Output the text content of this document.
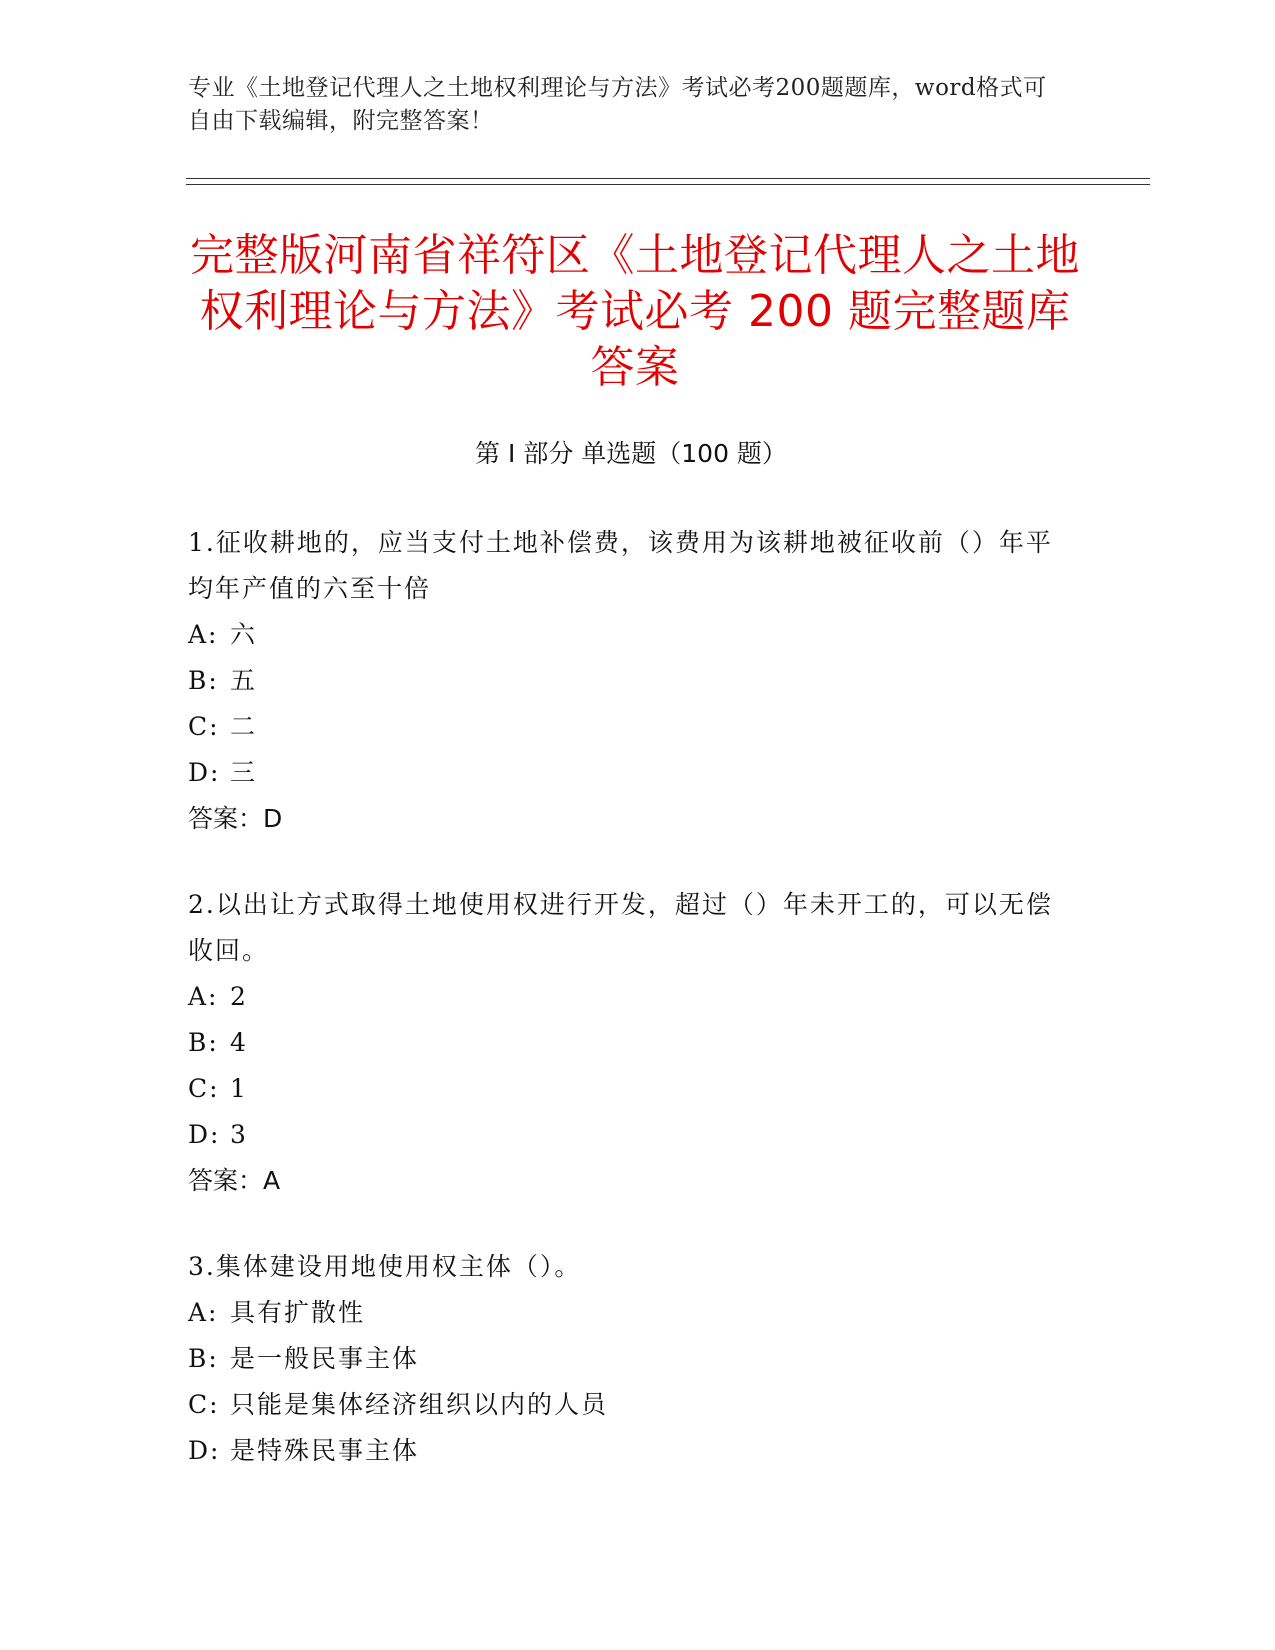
专业《土地登记代理人之土地权利理论与方法》考试必考200题题库，word格式可自由下载编辑，附完整答案！
完整版河南省祥符区《土地登记代理人之土地权利理论与方法》考试必考 200 题完整题库答案
第 I 部分 单选题（100 题）
1.征收耕地的，应当支付土地补偿费，该费用为该耕地被征收前（）年平均年产值的六至十倍
A: 六
B: 五
C: 二
D: 三
答案：D
2.以出让方式取得土地使用权进行开发，超过（）年未开工的，可以无偿收回。
A: 2
B: 4
C: 1
D: 3
答案：A
3.集体建设用地使用权主体（）。
A: 具有扩散性
B: 是一般民事主体
C: 只能是集体经济组织以内的人员
D: 是特殊民事主体
